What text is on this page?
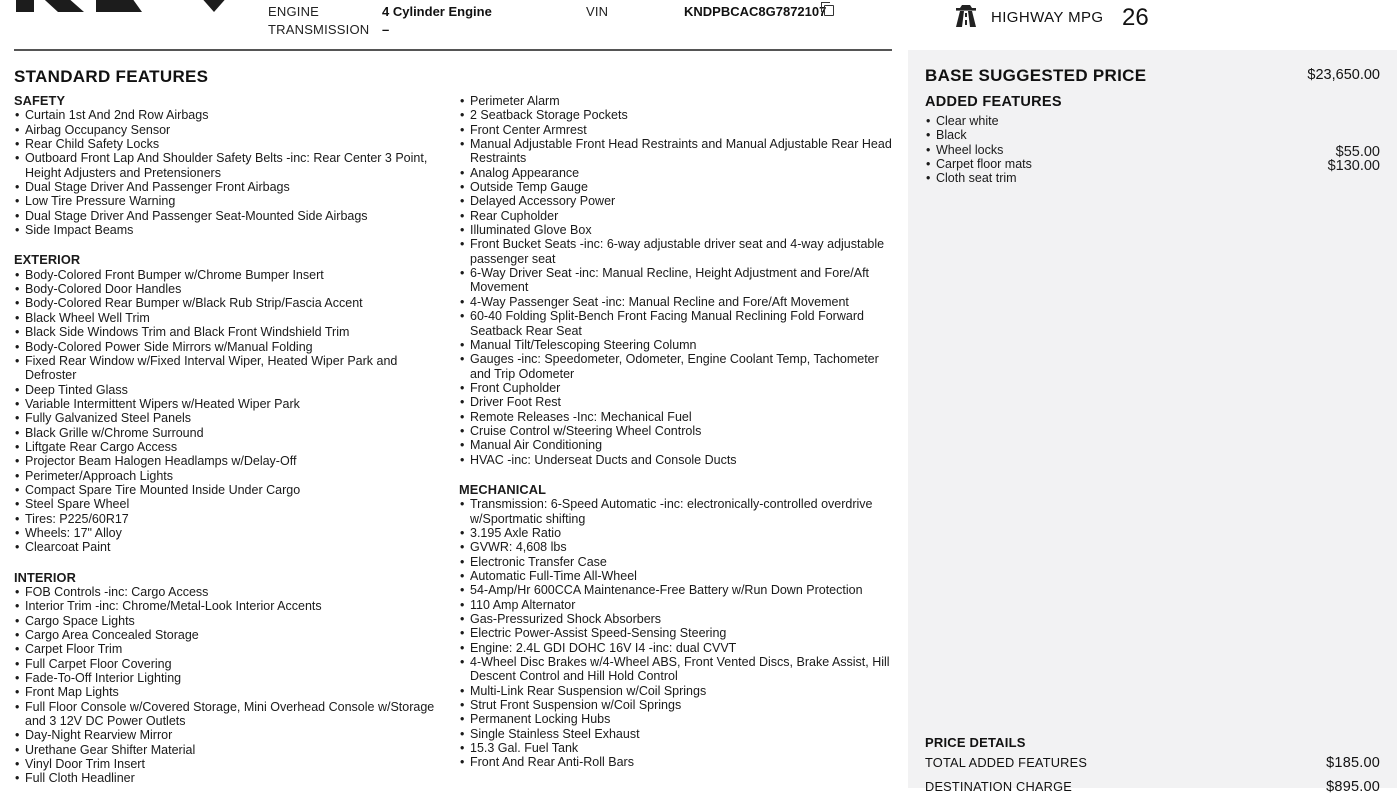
ENGINE	4 Cylinder Engine
TRANSMISSION –
VIN	KNDPBCAC8G7872107	HIGHWAY MPG 26
STANDARD FEATURES
SAFETY
• Curtain 1st And 2nd Row Airbags
• Airbag Occupancy Sensor
• Rear Child Safety Locks
• Outboard Front Lap And Shoulder Safety Belts -inc: Rear Center 3 Point, Height Adjusters and Pretensioners
• Dual Stage Driver And Passenger Front Airbags
• Low Tire Pressure Warning
• Dual Stage Driver And Passenger Seat-Mounted Side Airbags
• Side Impact Beams
EXTERIOR
• Body-Colored Front Bumper w/Chrome Bumper Insert
• Body-Colored Door Handles
• Body-Colored Rear Bumper w/Black Rub Strip/Fascia Accent
• Black Wheel Well Trim
• Black Side Windows Trim and Black Front Windshield Trim
• Body-Colored Power Side Mirrors w/Manual Folding
• Fixed Rear Window w/Fixed Interval Wiper, Heated Wiper Park and Defroster
• Deep Tinted Glass
• Variable Intermittent Wipers w/Heated Wiper Park
• Fully Galvanized Steel Panels
• Black Grille w/Chrome Surround
• Liftgate Rear Cargo Access
• Projector Beam Halogen Headlamps w/Delay-Off
• Perimeter/Approach Lights
• Compact Spare Tire Mounted Inside Under Cargo
• Steel Spare Wheel
• Tires: P225/60R17
• Wheels: 17" Alloy
• Clearcoat Paint
INTERIOR
• FOB Controls -inc: Cargo Access
• Interior Trim -inc: Chrome/Metal-Look Interior Accents
• Cargo Space Lights
• Cargo Area Concealed Storage
• Carpet Floor Trim
• Full Carpet Floor Covering
• Fade-To-Off Interior Lighting
• Front Map Lights
• Full Floor Console w/Covered Storage, Mini Overhead Console w/Storage and 3 12V DC Power Outlets
• Day-Night Rearview Mirror
• Urethane Gear Shifter Material
• Vinyl Door Trim Insert
• Full Cloth Headliner
• Perimeter Alarm
• 2 Seatback Storage Pockets
• Front Center Armrest
• Manual Adjustable Front Head Restraints and Manual Adjustable Rear Head Restraints
• Analog Appearance
• Outside Temp Gauge
• Delayed Accessory Power
• Rear Cupholder
• Illuminated Glove Box
• Front Bucket Seats -inc: 6-way adjustable driver seat and 4-way adjustable passenger seat
• 6-Way Driver Seat -inc: Manual Recline, Height Adjustment and Fore/Aft Movement
• 4-Way Passenger Seat -inc: Manual Recline and Fore/Aft Movement
• 60-40 Folding Split-Bench Front Facing Manual Reclining Fold Forward Seatback Rear Seat
• Manual Tilt/Telescoping Steering Column
• Gauges -inc: Speedometer, Odometer, Engine Coolant Temp, Tachometer and Trip Odometer
• Front Cupholder
• Driver Foot Rest
• Remote Releases -Inc: Mechanical Fuel
• Cruise Control w/Steering Wheel Controls
• Manual Air Conditioning
• HVAC -inc: Underseat Ducts and Console Ducts
MECHANICAL
• Transmission: 6-Speed Automatic -inc: electronically-controlled overdrive w/Sportmatic shifting
• 3.195 Axle Ratio
• GVWR: 4,608 lbs
• Electronic Transfer Case
• Automatic Full-Time All-Wheel
• 54-Amp/Hr 600CCA Maintenance-Free Battery w/Run Down Protection
• 110 Amp Alternator
• Gas-Pressurized Shock Absorbers
• Electric Power-Assist Speed-Sensing Steering
• Engine: 2.4L GDI DOHC 16V I4 -inc: dual CVVT
• 4-Wheel Disc Brakes w/4-Wheel ABS, Front Vented Discs, Brake Assist, Hill Descent Control and Hill Hold Control
• Multi-Link Rear Suspension w/Coil Springs
• Strut Front Suspension w/Coil Springs
• Permanent Locking Hubs
• Single Stainless Steel Exhaust
• 15.3 Gal. Fuel Tank
• Front And Rear Anti-Roll Bars
BASE SUGGESTED PRICE	$23,650.00
ADDED FEATURES
• Clear white
• Black
• Wheel locks	$55.00
• Carpet floor mats	$130.00
• Cloth seat trim
PRICE DETAILS
TOTAL ADDED FEATURES	$185.00
DESTINATION CHARGE	$895.00
